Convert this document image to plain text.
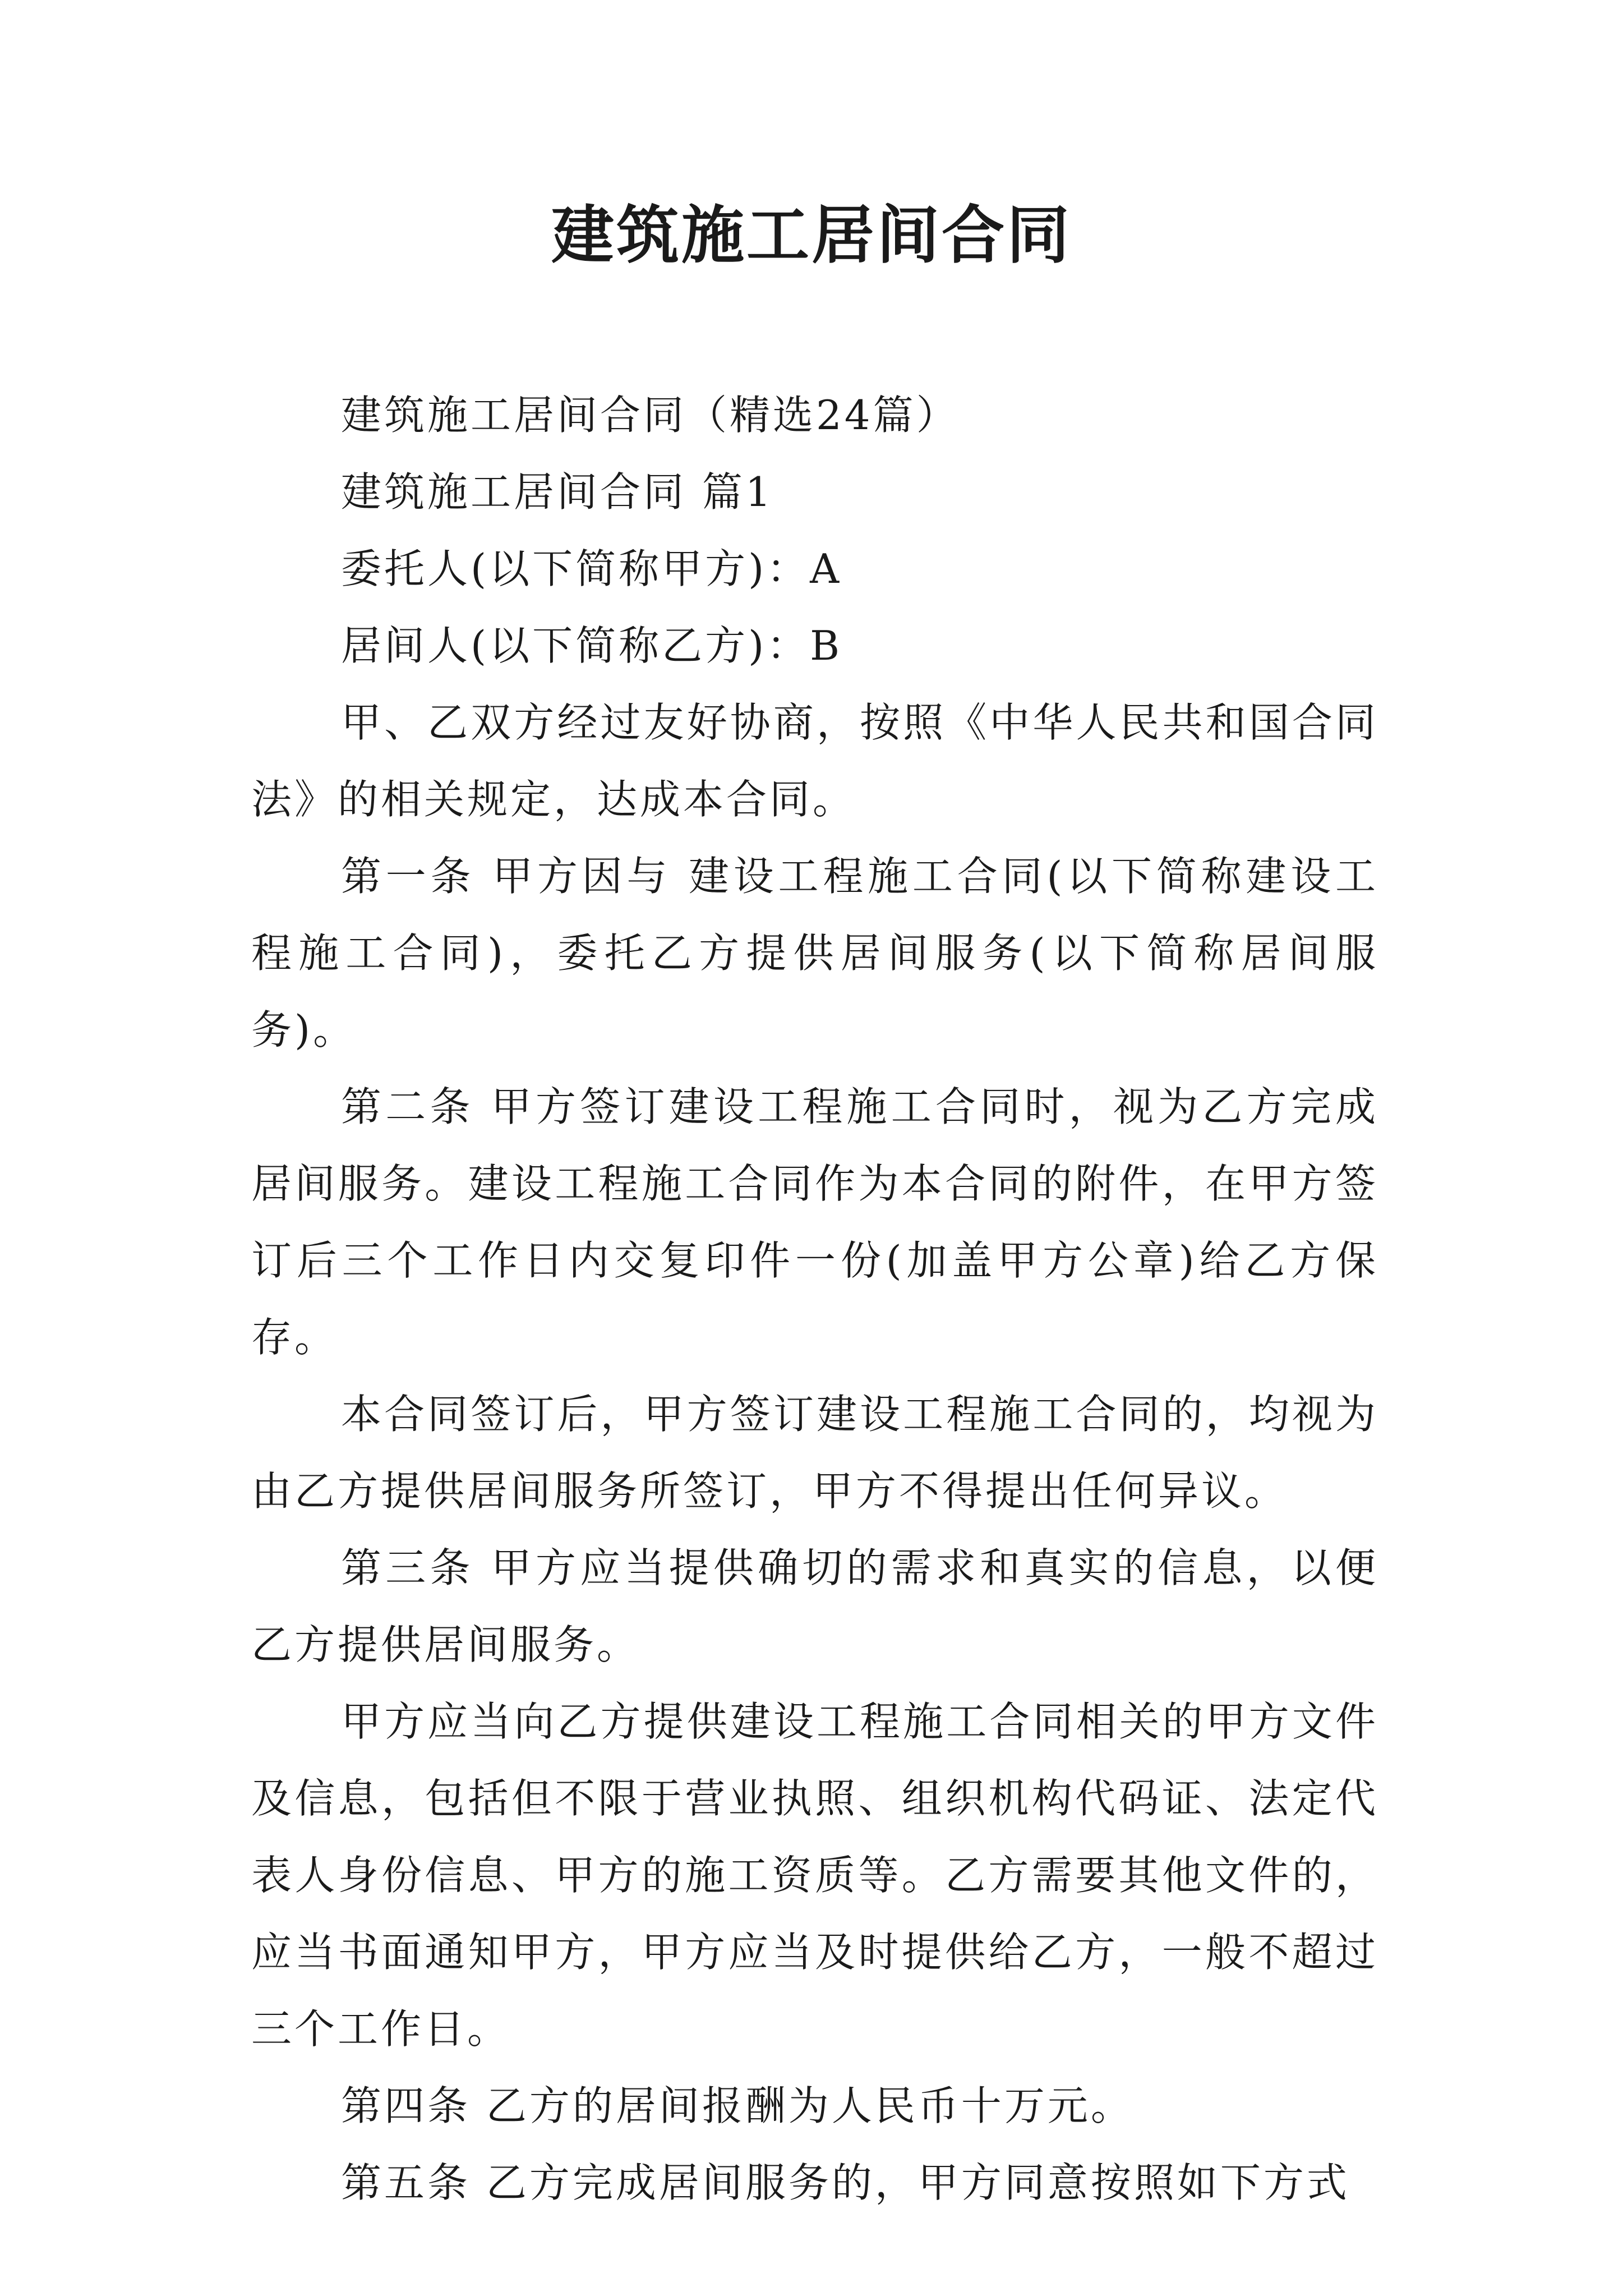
建筑施工居间合同

建筑施工居间合同（精选24篇）

建筑施工居间合同 篇1

委托人(以下简称甲方)：A

居间人(以下简称乙方)：B

甲、乙双方经过友好协商，按照《中华人民共和国合同法》的相关规定，达成本合同。

第一条 甲方因与 建设工程施工合同(以下简称建设工程施工合同)，委托乙方提供居间服务(以下简称居间服务)。

第二条 甲方签订建设工程施工合同时，视为乙方完成居间服务。建设工程施工合同作为本合同的附件，在甲方签订后三个工作日内交复印件一份(加盖甲方公章)给乙方保存。

本合同签订后，甲方签订建设工程施工合同的，均视为由乙方提供居间服务所签订，甲方不得提出任何异议。

第三条 甲方应当提供确切的需求和真实的信息，以便乙方提供居间服务。

甲方应当向乙方提供建设工程施工合同相关的甲方文件及信息，包括但不限于营业执照、组织机构代码证、法定代表人身份信息、甲方的施工资质等。乙方需要其他文件的，应当书面通知甲方，甲方应当及时提供给乙方，一般不超过三个工作日。

第四条 乙方的居间报酬为人民币十万元。

第五条 乙方完成居间服务的，甲方同意按照如下方式
